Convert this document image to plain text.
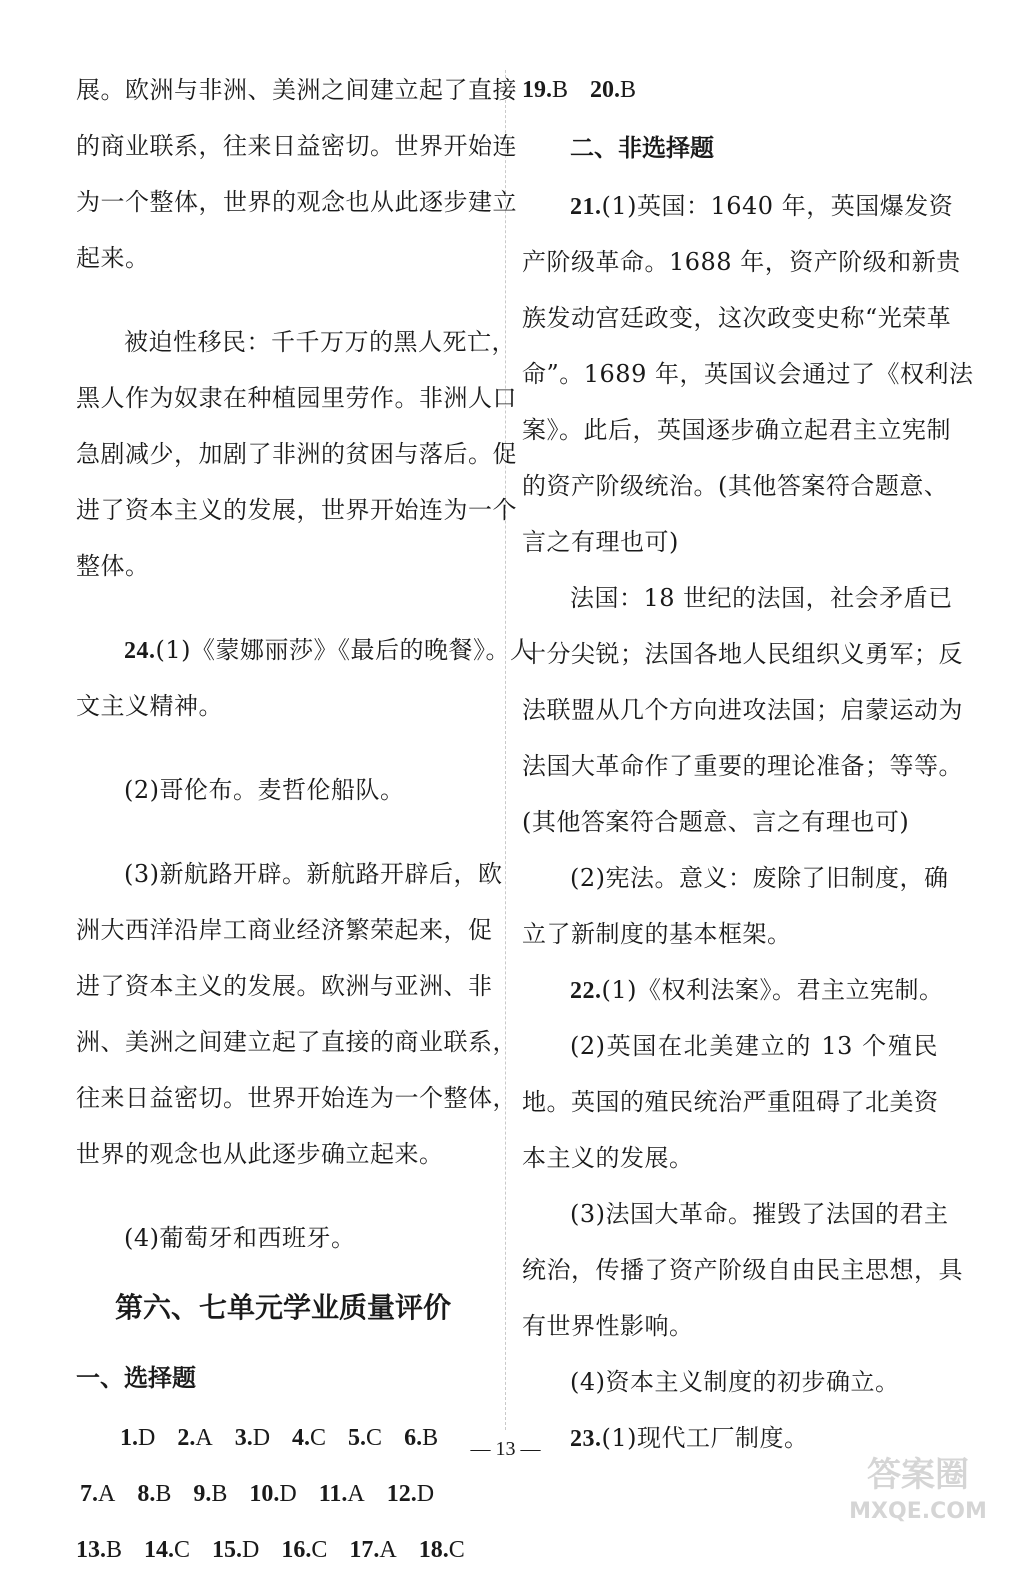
展。欧洲与非洲、美洲之间建立起了直接
的商业联系，往来日益密切。世界开始连
为一个整体，世界的观念也从此逐步建立
起来。
被迫性移民：千千万万的黑人死亡，
黑人作为奴隶在种植园里劳作。非洲人口
急剧减少，加剧了非洲的贫困与落后。促
进了资本主义的发展，世界开始连为一个
整体。
24.(1)《蒙娜丽莎》《最后的晚餐》。人
文主义精神。
(2)哥伦布。麦哲伦船队。
(3)新航路开辟。新航路开辟后，欧
洲大西洋沿岸工商业经济繁荣起来，促
进了资本主义的发展。欧洲与亚洲、非
洲、美洲之间建立起了直接的商业联系，
往来日益密切。世界开始连为一个整体，
世界的观念也从此逐步确立起来。
(4)葡萄牙和西班牙。
第六、七单元学业质量评价
一、选择题
1.D 2.A 3.D 4.C 5.C 6.B
7.A 8.B 9.B 10.D 11.A 12.D
13.B 14.C 15.D 16.C 17.A 18.C
19.B 20.B
二、非选择题
21.(1)英国：1640 年，英国爆发资
产阶级革命。1688 年，资产阶级和新贵
族发动宫廷政变，这次政变史称“光荣革
命”。1689 年，英国议会通过了《权利法
案》。此后，英国逐步确立起君主立宪制
的资产阶级统治。(其他答案符合题意、
言之有理也可)
法国：18 世纪的法国，社会矛盾已
十分尖锐；法国各地人民组织义勇军；反
法联盟从几个方向进攻法国；启蒙运动为
法国大革命作了重要的理论准备；等等。
(其他答案符合题意、言之有理也可)
(2)宪法。意义：废除了旧制度，确
立了新制度的基本框架。
22.(1)《权利法案》。君主立宪制。
(2)英国在北美建立的 13 个殖民
地。英国的殖民统治严重阻碍了北美资
本主义的发展。
(3)法国大革命。摧毁了法国的君主
统治，传播了资产阶级自由民主思想，具
有世界性影响。
(4)资本主义制度的初步确立。
23.(1)现代工厂制度。
— 13 —
答案圈
MXQE.COM
